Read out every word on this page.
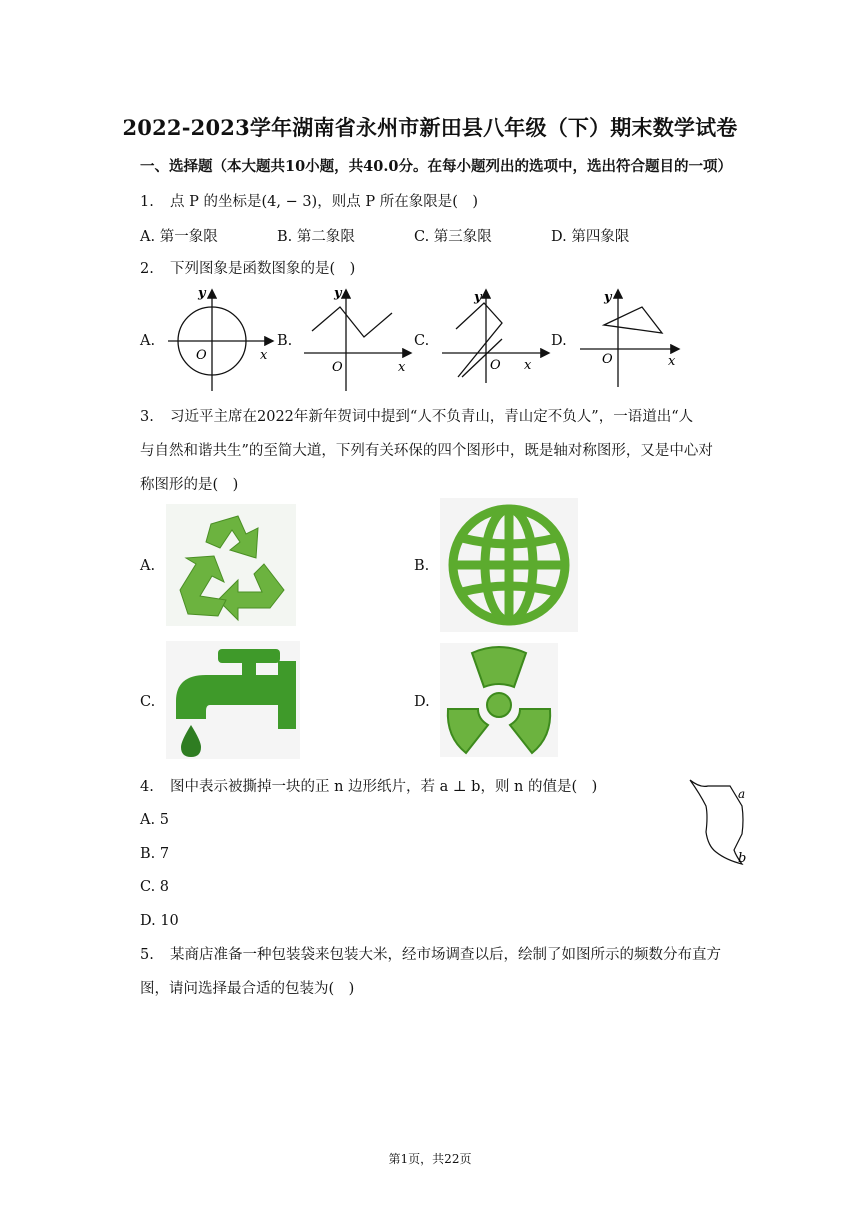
2022-2023学年湖南省永州市新田县八年级（下）期末数学试卷
一、选择题（本大题共10小题，共40.0分。在每小题列出的选项中，选出符合题目的一项）
1. 点 P 的坐标是(4, − 3)，则点 P 所在象限是(　)
A. 第一象限	B. 第二象限	C. 第三象限	D. 第四象限
2. 下列图象是函数图象的是(　)
A.
y
x
O
B.
y
x
O
C.
y
x
O
D.
y
x
O
3. 习近平主席在2022年新年贺词中提到“人不负青山，青山定不负人”，一语道出“人
与自然和谐共生”的至简大道，下列有关环保的四个图形中，既是轴对称图形，又是中心对
称图形的是(　)
A.	B.
C.	D.
4. 图中表示被撕掉一块的正 n 边形纸片，若 a ⊥ b，则 n 的值是(　)
A. 5
B. 7
C. 8
D. 10
a
b
5. 某商店准备一种包装袋来包装大米，经市场调查以后，绘制了如图所示的频数分布直方
图，请问选择最合适的包装为(　)
第1页，共22页
